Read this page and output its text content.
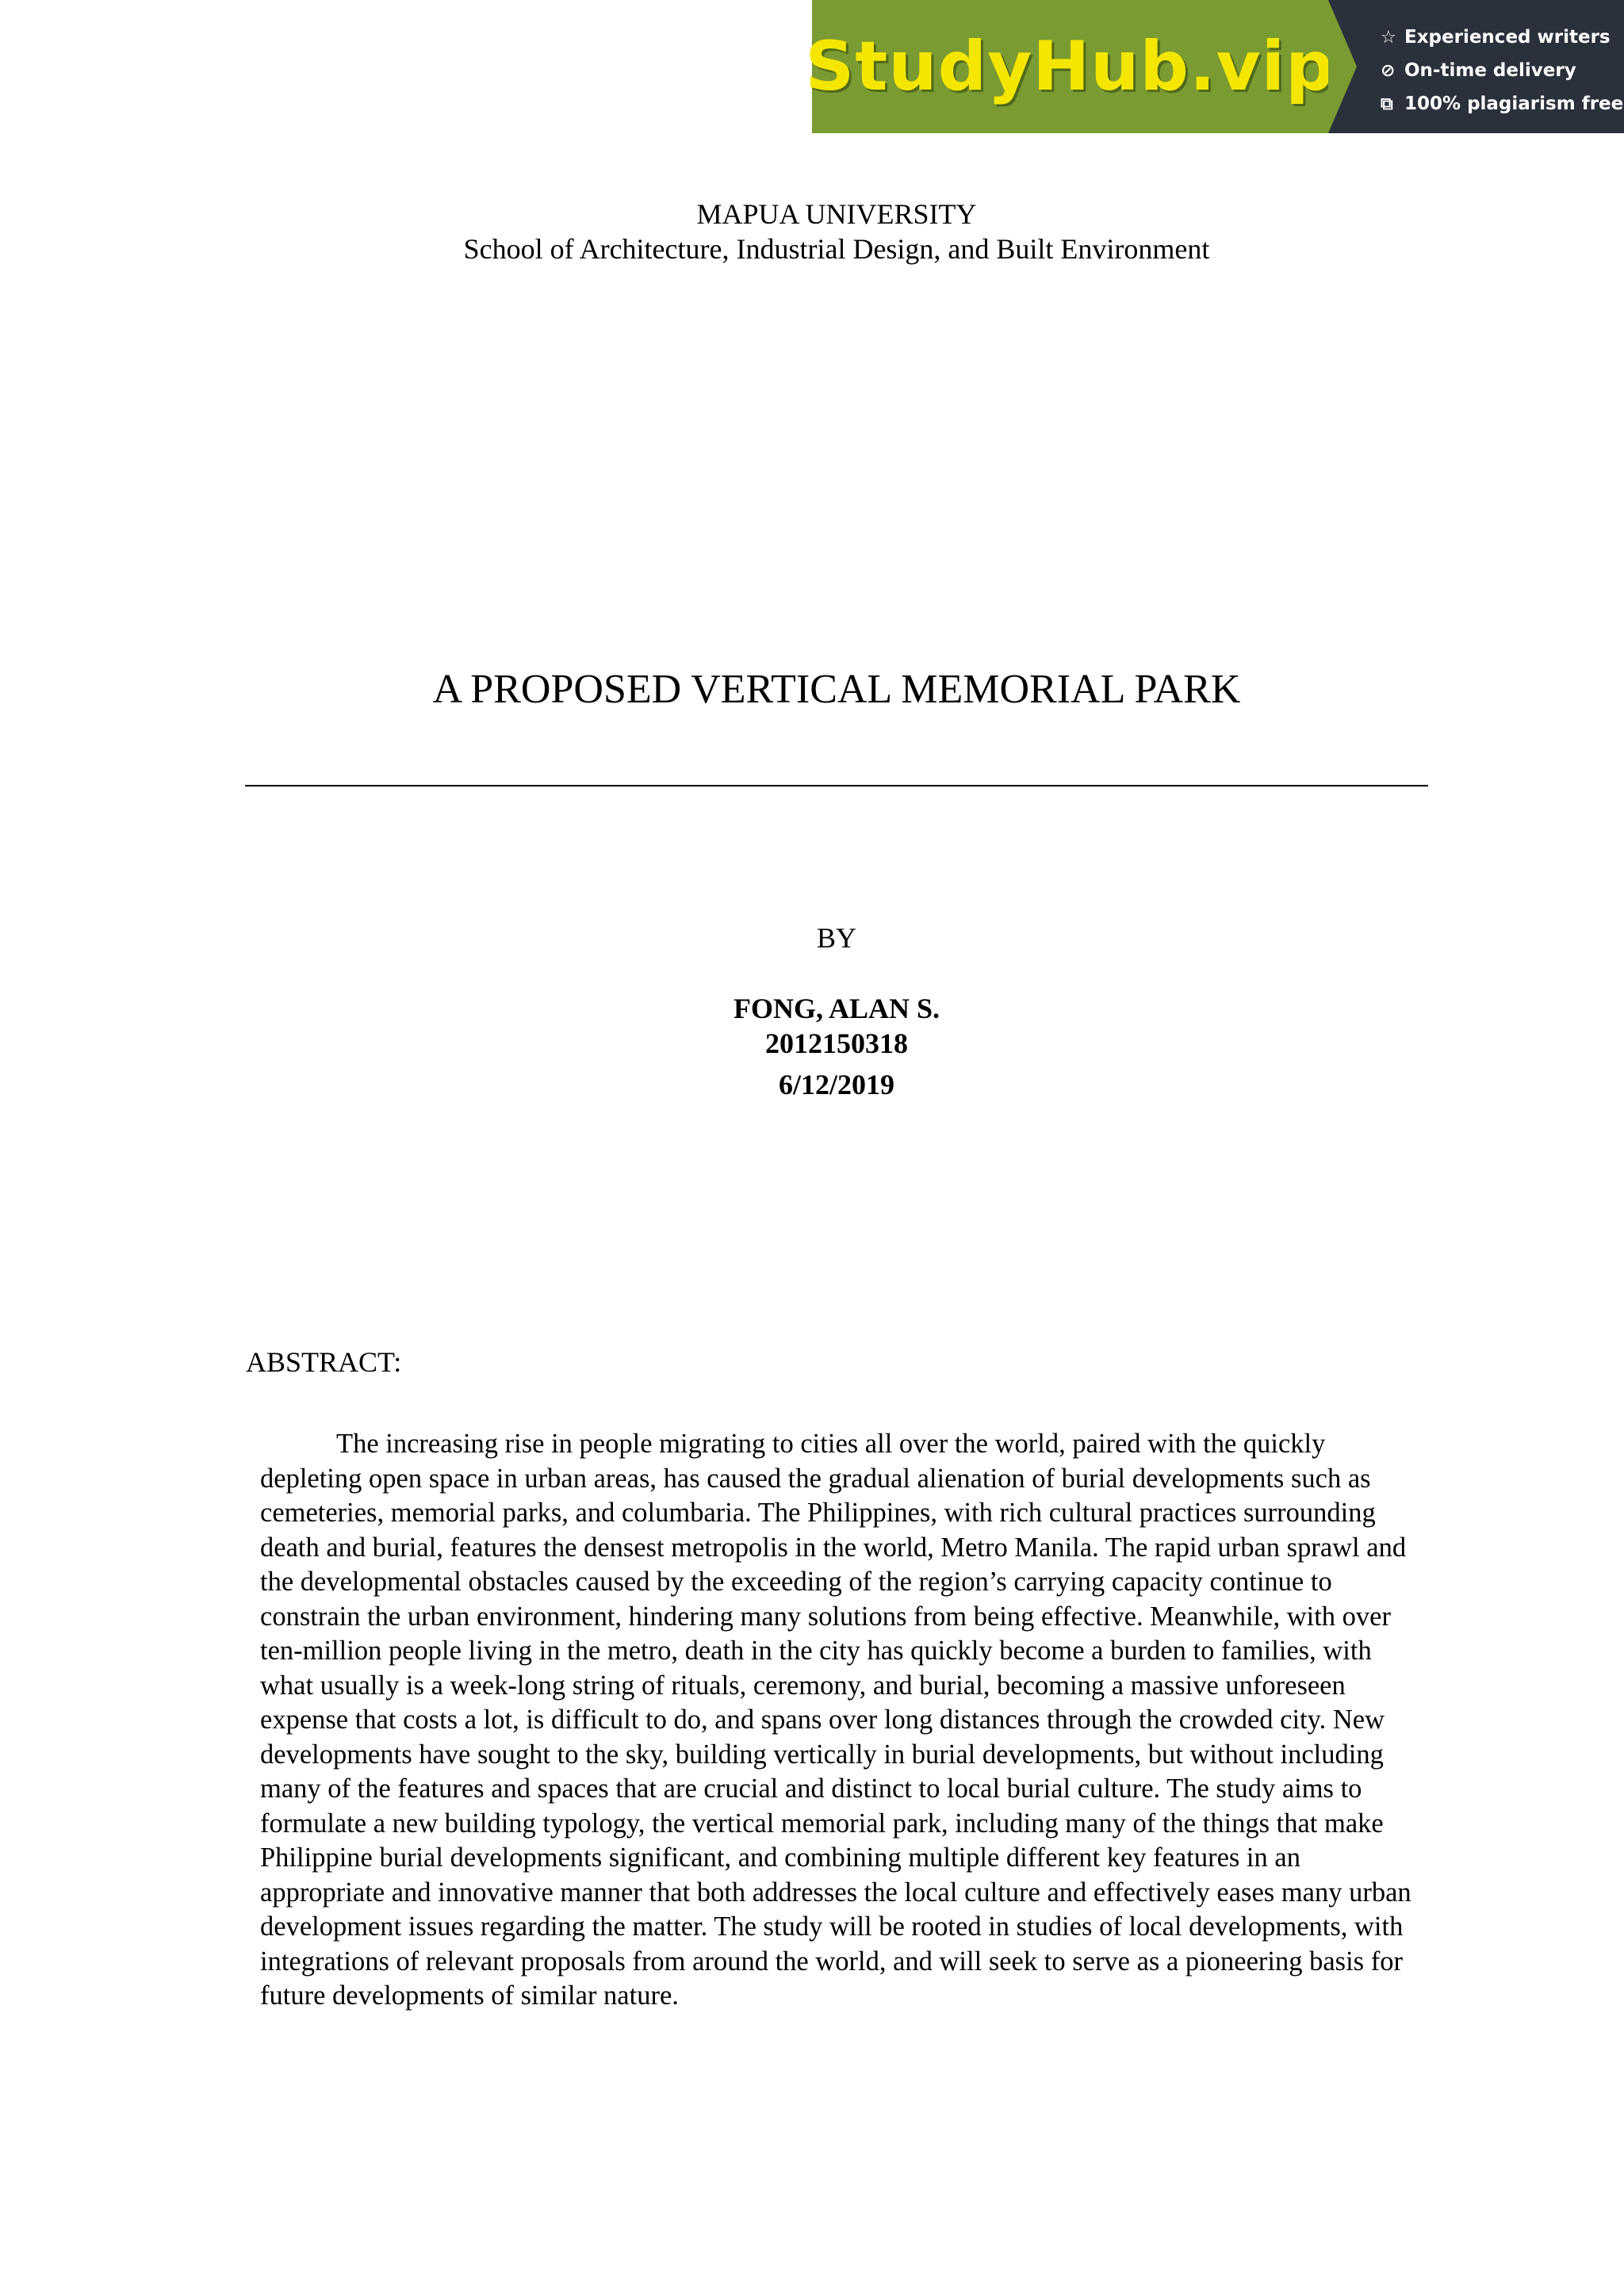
StudyHub.vip	☆ Experienced writers
⊘ On-time delivery
⧉ 100% plagiarism free
MAPUA UNIVERSITY
School of Architecture, Industrial Design, and Built Environment
A PROPOSED VERTICAL MEMORIAL PARK
BY
FONG, ALAN S.
2012150318
6/12/2019
ABSTRACT:

The increasing rise in people migrating to cities all over the world, paired with the quickly depleting open space in urban areas, has caused the gradual alienation of burial developments such as cemeteries, memorial parks, and columbaria. The Philippines, with rich cultural practices surrounding death and burial, features the densest metropolis in the world, Metro Manila. The rapid urban sprawl and the developmental obstacles caused by the exceeding of the region’s carrying capacity continue to constrain the urban environment, hindering many solutions from being effective. Meanwhile, with over ten-million people living in the metro, death in the city has quickly become a burden to families, with what usually is a week-long string of rituals, ceremony, and burial, becoming a massive unforeseen expense that costs a lot, is difficult to do, and spans over long distances through the crowded city. New developments have sought to the sky, building vertically in burial developments, but without including many of the features and spaces that are crucial and distinct to local burial culture. The study aims to formulate a new building typology, the vertical memorial park, including many of the things that make Philippine burial developments significant, and combining multiple different key features in an appropriate and innovative manner that both addresses the local culture and effectively eases many urban development issues regarding the matter. The study will be rooted in studies of local developments, with integrations of relevant proposals from around the world, and will seek to serve as a pioneering basis for future developments of similar nature.
